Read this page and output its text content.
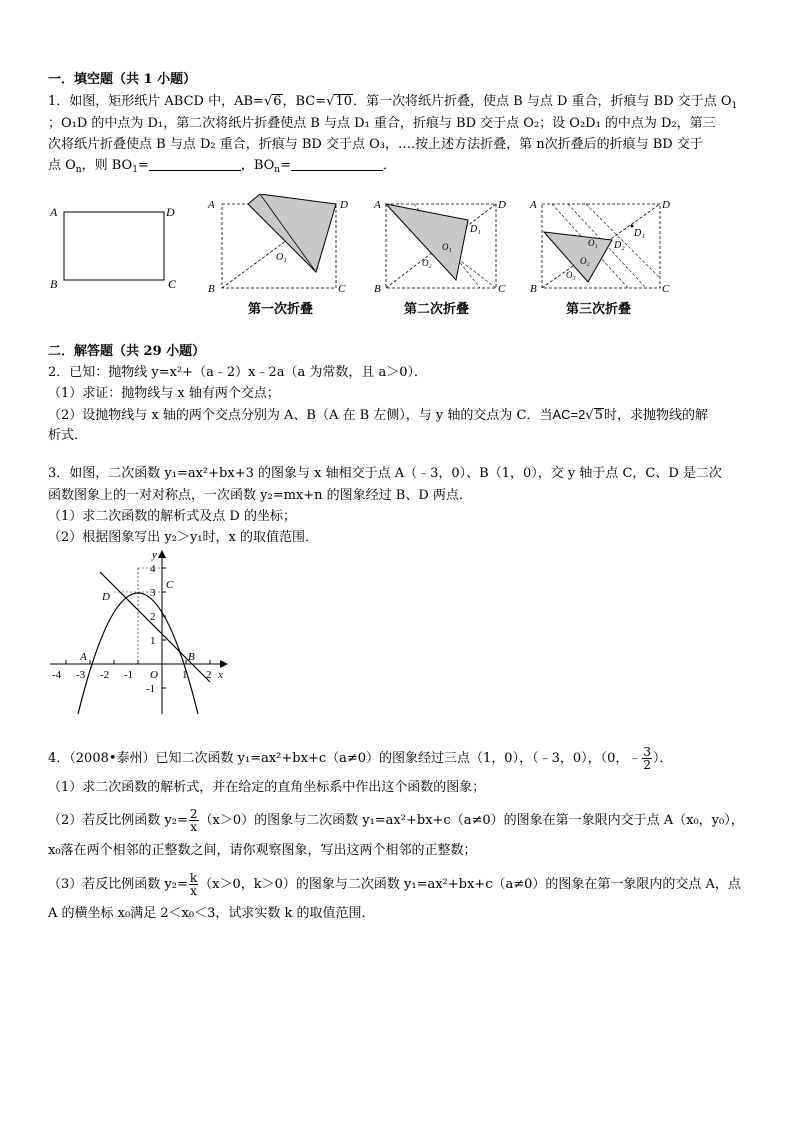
一．填空题（共 1 小题）
1．如图，矩形纸片 ABCD 中，AB=√6，BC=√10．第一次将纸片折叠，使点 B 与点 D 重合，折痕与 BD 交于点 $O_1$
；O₁D 的中点为 D₁，第二次将纸片折叠使点 B 与点 D₁ 重合，折痕与 BD 交于点 O₂；设 O₂D₁ 的中点为 D₂，第三
次将纸片折叠使点 B 与点 D₂ 重合，折痕与 BD 交于点 O₃，….按上述方法折叠，第 n次折叠后的折痕与 BD 交于
点 $O_n$，则 $BO_1=$	，$BO_n=$	．
A
B	C
D	A
B	C
D
O₁
第一次折叠
A
B	C
D
D₁
O₁
O₂
第二次折叠
A
B	C
D
D₁
D₂
O₁
O₂
O₃
第三次折叠
二．解答题（共 29 小题）
2．已知：抛物线 y=x²+（a﹣2）x﹣2a（a 为常数，且 a＞0）．
（1）求证：抛物线与 x 轴有两个交点；
（2）设抛物线与 x 轴的两个交点分别为 A、B（A 在 B 左侧），与 y 轴的交点为 C．当AC=2√5时，求抛物线的解
析式．
3．如图，二次函数 y₁=ax²+bx+3 的图象与 x 轴相交于点 A（﹣3，0）、B（1，0），交 y 轴于点 C，C、D 是二次
函数图象上的一对对称点，一次函数 y₂=mx+n 的图象经过 B、D 两点．
（1）求二次函数的解析式及点 D 的坐标；
（2）根据图象写出 y₂＞y₁时，x 的取值范围．
-4 -3 -2 -1	1 2
4
3
2
1
-1
O
y
x
A	B
C
D
4．（2008•泰州）已知二次函数 y₁=ax²+bx+c（a≠0）的图象经过三点（1，0），（﹣3，0），（0，﹣ $\frac{3}{2}$ ）．
（1）求二次函数的解析式，并在给定的直角坐标系中作出这个函数的图象；
（2）若反比例函数 $y_2= \frac{2}{x} (x>0)$的图象与二次函数 y₁=ax²+bx+c（a≠0）的图象在第一象限内交于点 A（x₀，y₀），
x₀落在两个相邻的正整数之间，请你观察图象，写出这两个相邻的正整数；
（3）若反比例函数 $y_2= \frac{k}{x} (x>0$，k＞0）的图象与二次函数 y₁=ax²+bx+c（a≠0）的图象在第一象限内的交点 A，点
A 的横坐标 x₀满足 2＜x₀＜3，试求实数 k 的取值范围．
